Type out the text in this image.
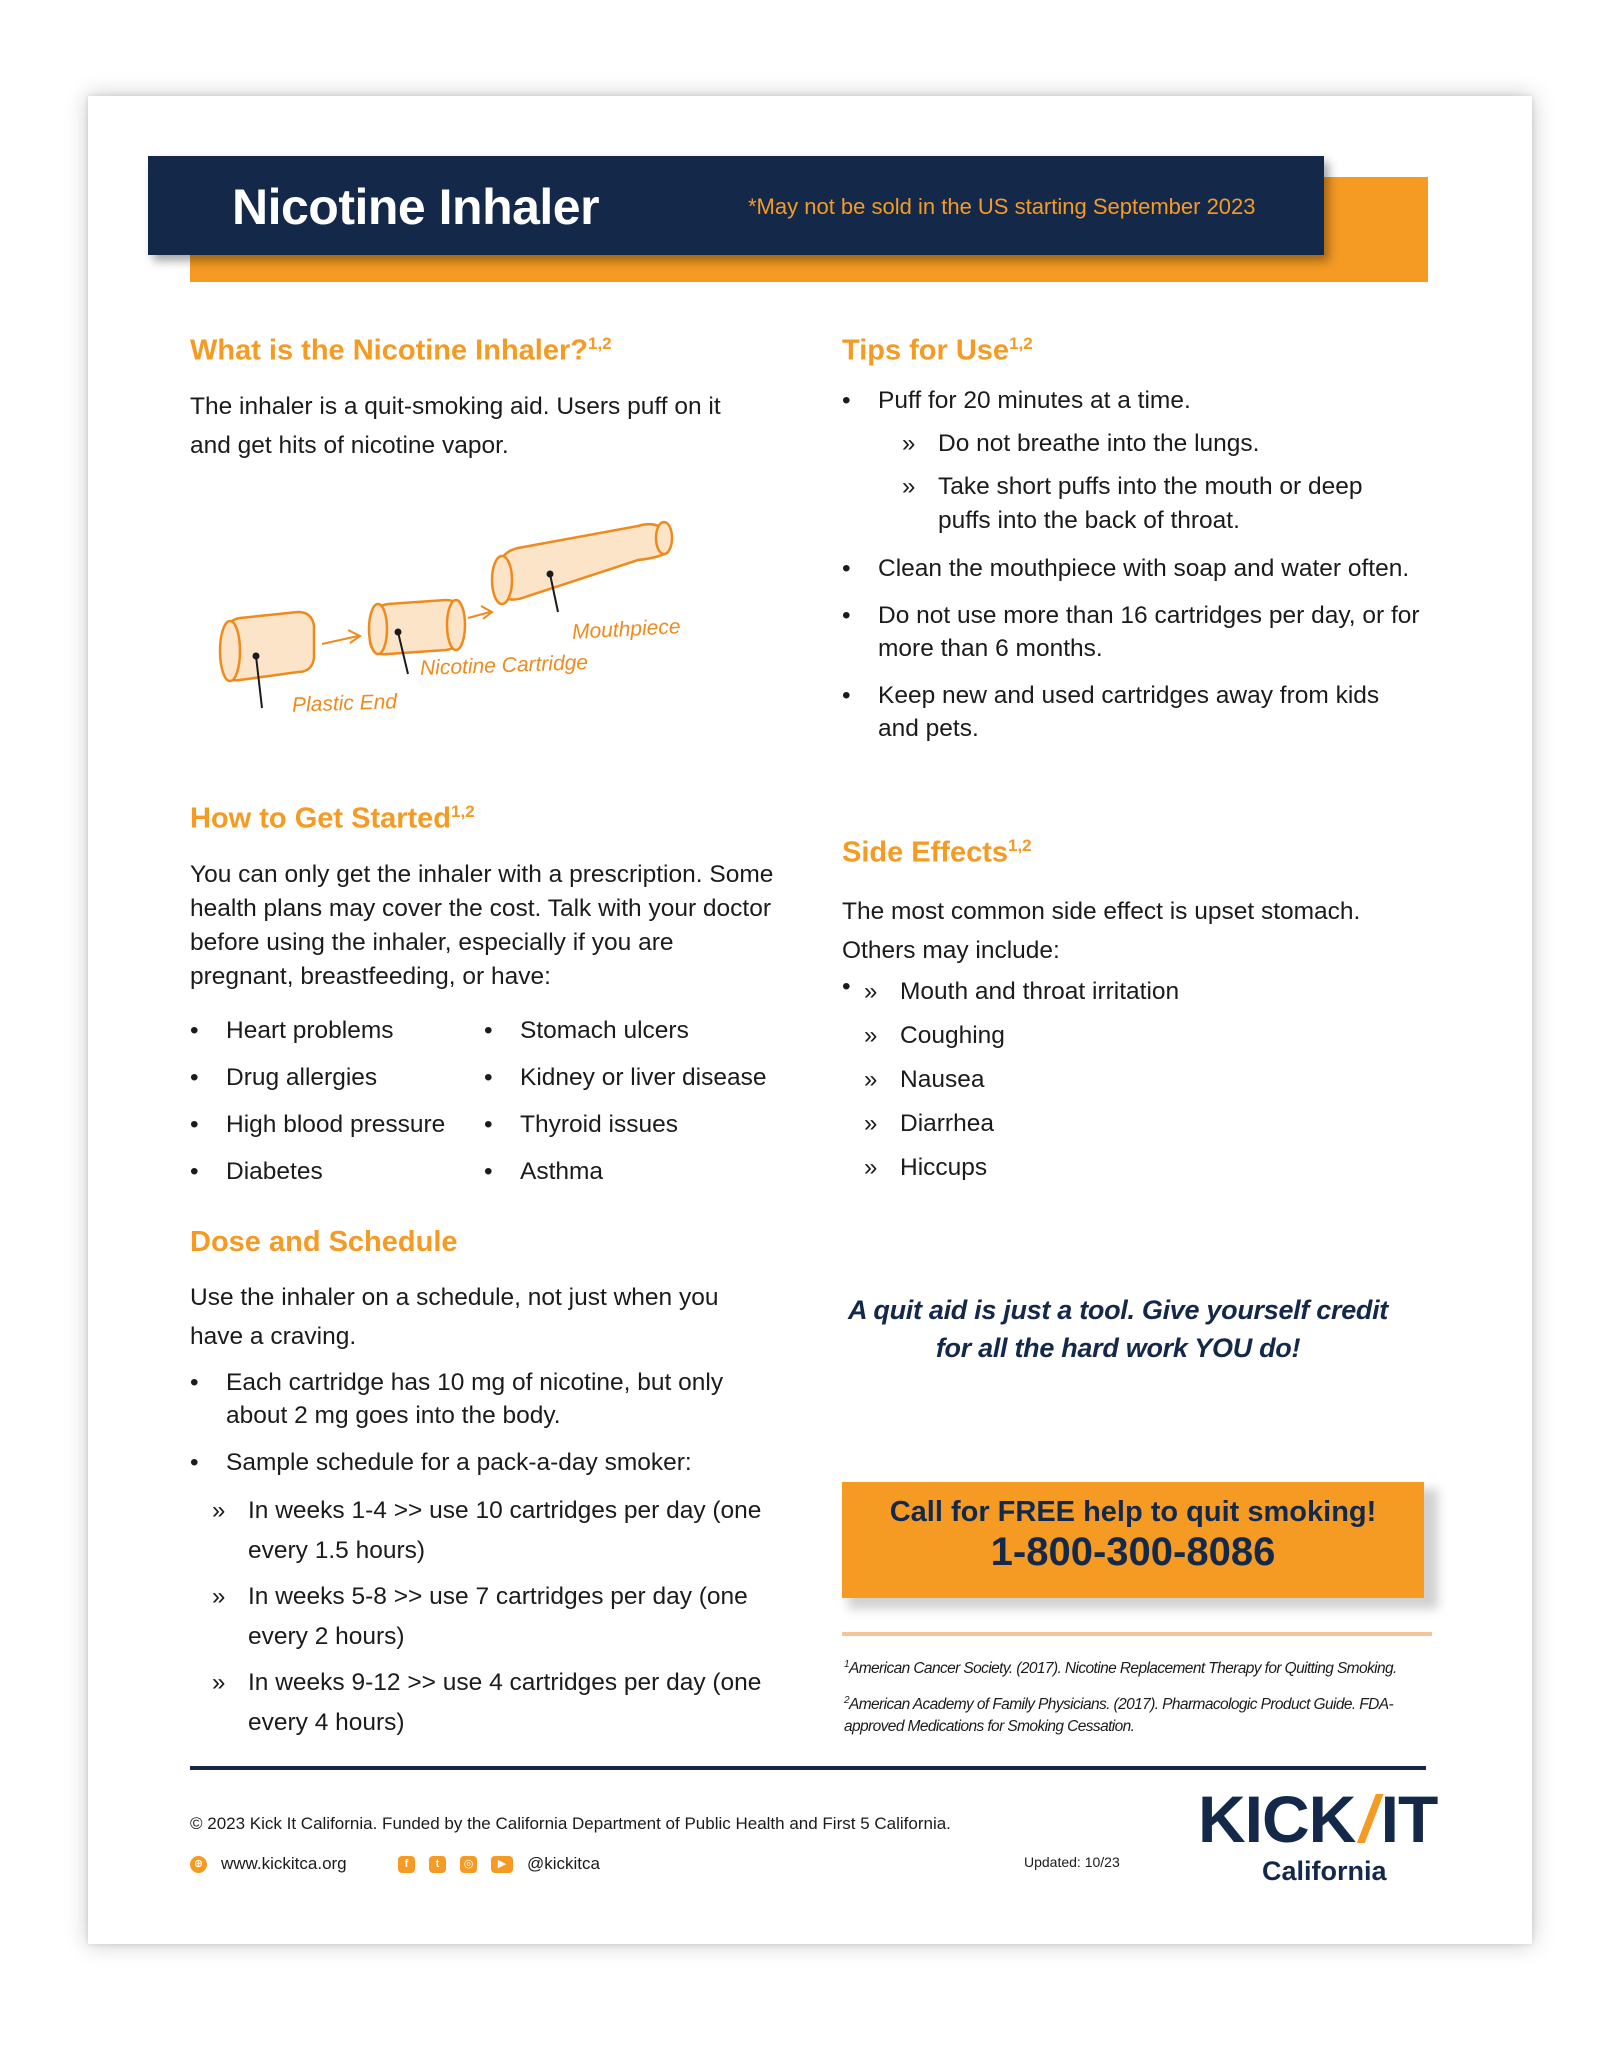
Nicotine Inhaler	*May not be sold in the US starting September 2023
What is the Nicotine Inhaler?$^{1,2}$

The inhaler is a quit-smoking aid. Users puff on it and get hits of nicotine vapor.

Mouthpiece
Nicotine Cartridge
Plastic End
How to Get Started$^{1,2}$

You can only get the inhaler with a prescription. Some health plans may cover the cost. Talk with your doctor before using the inhaler, especially if you are pregnant, breastfeeding, or have:

• Heart problems
• Drug allergies
• High blood pressure
• Diabetes
• Stomach ulcers
• Kidney or liver disease
• Thyroid issues
• Asthma
Dose and Schedule

Use the inhaler on a schedule, not just when you have a craving.

• Each cartridge has 10 mg of nicotine, but only about 2 mg goes into the body.
• Sample schedule for a pack-a-day smoker:
» In weeks 1-4 >> use 10 cartridges per day (one every 1.5 hours)
» In weeks 5-8 >> use 7 cartridges per day (one every 2 hours)
» In weeks 9-12 >> use 4 cartridges per day (one every 4 hours)
Tips for Use$^{1,2}$
• Puff for 20 minutes at a time.
» Do not breathe into the lungs.
» Take short puffs into the mouth or deep puffs into the back of throat.
• Clean the mouthpiece with soap and water often.
• Do not use more than 16 cartridges per day, or for more than 6 months.
• Keep new and used cartridges away from kids and pets.
Side Effects$^{1,2}$

The most common side effect is upset stomach. Others may include:

» • Mouth and throat irritation
» Coughing
» Nausea
» Diarrhea
» Hiccups
A quit aid is just a tool. Give yourself credit for all the hard work YOU do!
Call for FREE help to quit smoking!
1-800-300-8086
$^1$American Cancer Society. (2017). Nicotine Replacement Therapy for Quitting Smoking.
$^2$American Academy of Family Physicians. (2017). Pharmacologic Product Guide. FDA-approved Medications for Smoking Cessation.
© 2023 Kick It California. Funded by the California Department of Public Health and First 5 California.
⊕ www.kickitca.org	f	t	◎	▶	@kickitca	Updated: 10/23
KICK/IT
California
